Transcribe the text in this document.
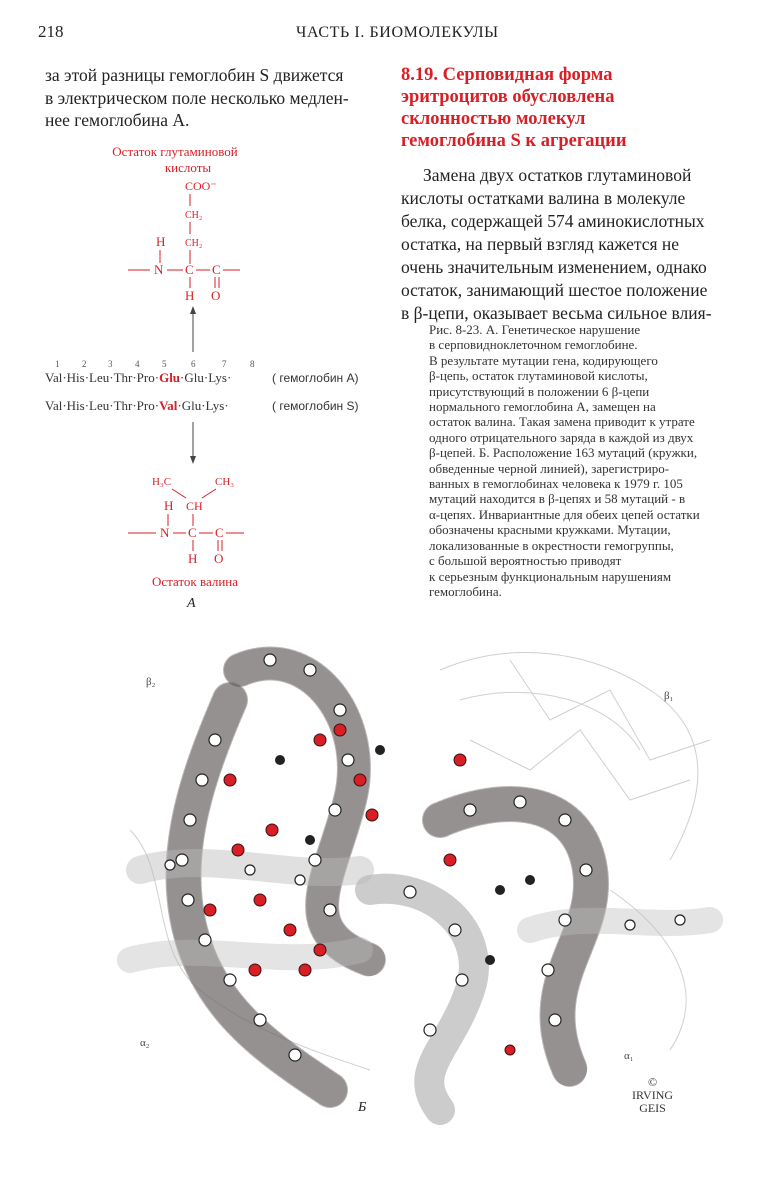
218	ЧАСТЬ I. БИОМОЛЕКУЛЫ
за этой разницы гемоглобин S движется
в электрическом поле несколько медлен-
нее гемоглобина А.
8.19. Серповидная форма
эритроцитов обусловлена
склонностью молекул
гемоглобина S к агрегации
Замена двух остатков глутаминовой
кислоты остатками валина в молекуле
белка, содержащей 574 аминокислотных
остатка, на первый взгляд кажется не
очень значительным изменением, однако
остаток, занимающий шестое положение
в β-цепи, оказывает весьма сильное влия-
Рис. 8-23. А. Генетическое нарушение
в серповидноклеточном гемоглобине.
В результате мутации гена, кодирующего
β-цепь, остаток глутаминовой кислоты,
присутствующий в положении 6 β-цепи
нормального гемоглобина А, замещен на
остаток валина. Такая замена приводит к утрате
одного отрицательного заряда в каждой из двух
β-цепей. Б. Расположение 163 мутаций (кружки,
обведенные черной линией), зарегистриро-
ванных в гемоглобинах человека к 1979 г. 105
мутаций находится в β-цепях и 58 мутаций - в
α-цепях. Инвариантные для обеих цепей остатки
обозначены красными кружками. Мутации,
локализованные в окрестности гемогруппы,
с большой вероятностью приводят
к серьезным функциональным нарушениям
гемоглобина.
Остаток глутаминовой
кислоты
COO⁻
CH₂
CH₂
H
N C C
H O
1	2 3	4	5	6	7	8
Val·His·Leu·Thr·Pro·Glu·Glu·Lys·	( гемоглобин А)
Val·His·Leu·Thr·Pro·Val·Glu·Lys·	( гемоглобин S)
H₃C	CH₃
CH
H
N C C
H O
Остаток валина
А
β₂
β₁
α₂
α₁
©
IRVING
GEIS
Б
